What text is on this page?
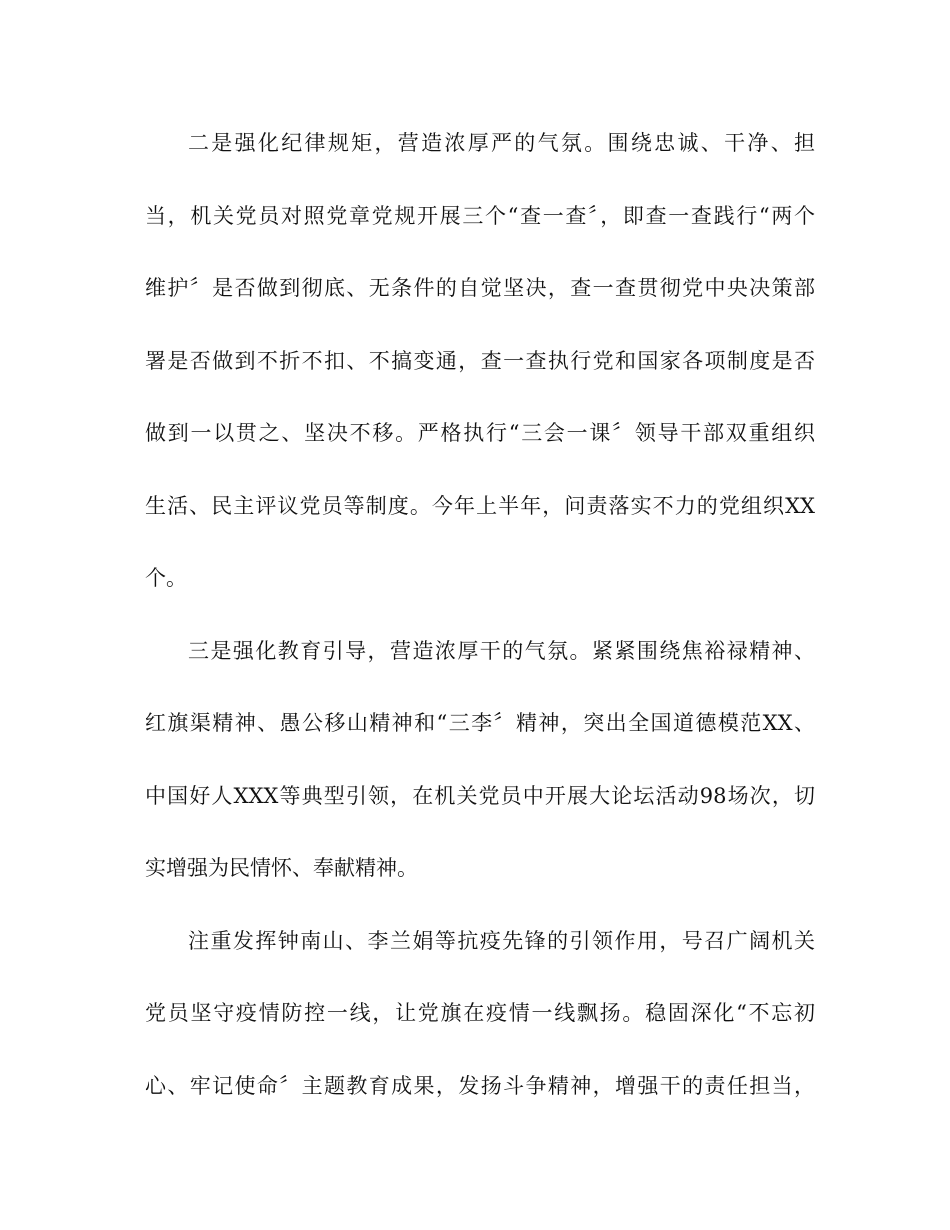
二是强化纪律规矩，营造浓厚严的气氛。围绕忠诚、干净、担
当，机关党员对照党章党规开展三个“查一查〞，即查一查践行“两个
维护〞是否做到彻底、无条件的自觉坚决，查一查贯彻党中央决策部
署是否做到不折不扣、不搞变通，查一查执行党和国家各项制度是否
做到一以贯之、坚决不移。严格执行“三会一课〞领导干部双重组织
生活、民主评议党员等制度。今年上半年，问责落实不力的党组织XX
个。
三是强化教育引导，营造浓厚干的气氛。紧紧围绕焦裕禄精神、
红旗渠精神、愚公移山精神和“三李〞精神，突出全国道德模范XX、
中国好人XXX等典型引领，在机关党员中开展大论坛活动98场次，切
实增强为民情怀、奉献精神。
注重发挥钟南山、李兰娟等抗疫先锋的引领作用，号召广阔机关
党员坚守疫情防控一线，让党旗在疫情一线飘扬。稳固深化“不忘初
心、牢记使命〞主题教育成果，发扬斗争精神，增强干的责任担当，
